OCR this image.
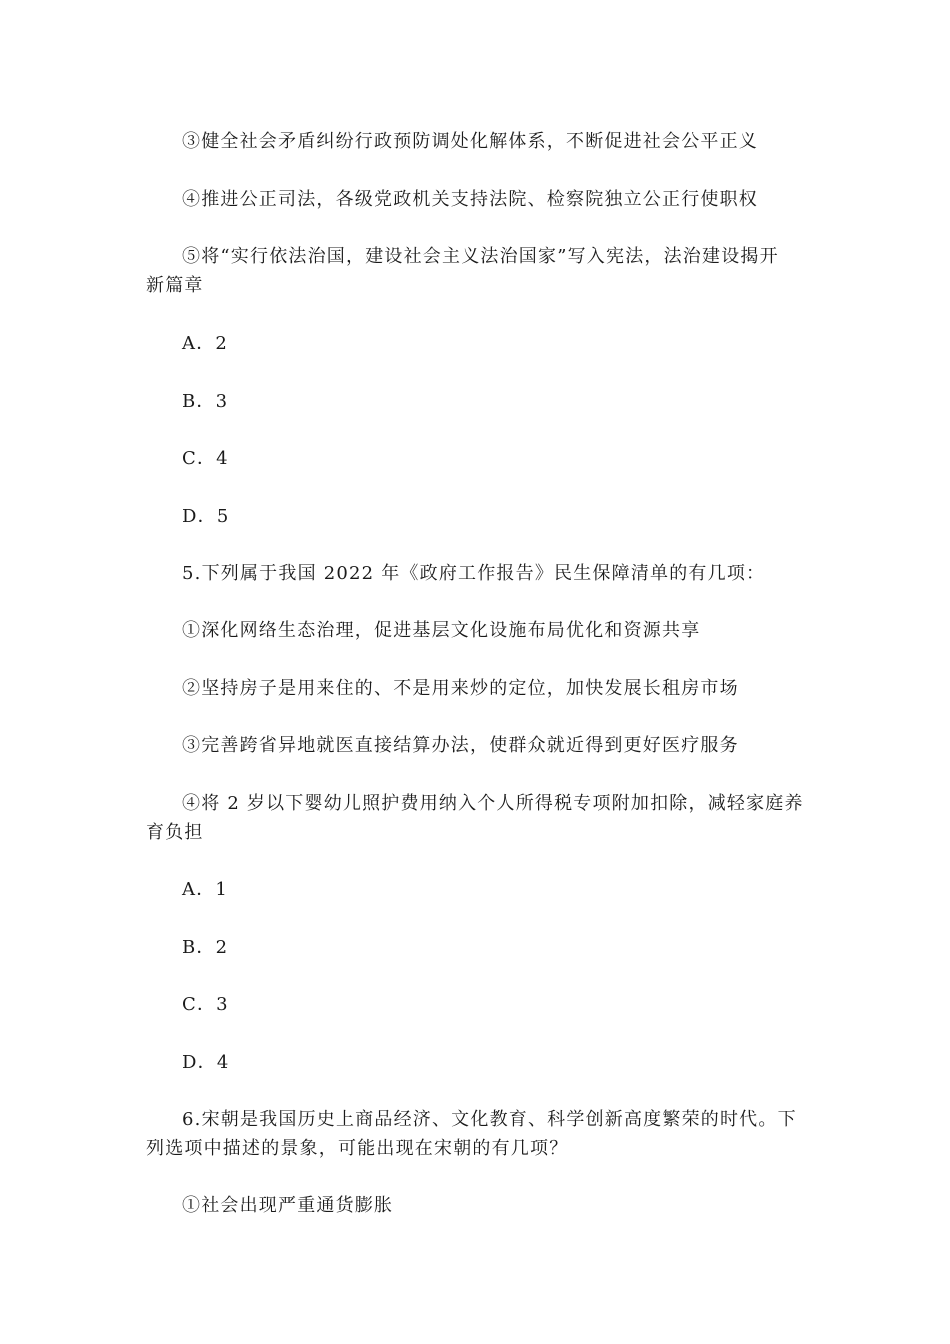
③健全社会矛盾纠纷行政预防调处化解体系，不断促进社会公平正义
④推进公正司法，各级党政机关支持法院、检察院独立公正行使职权
⑤将“实行依法治国，建设社会主义法治国家”写入宪法，法治建设揭开
新篇章
A．2
B．3
C．4
D．5
5.下列属于我国 2022 年《政府工作报告》民生保障清单的有几项：
①深化网络生态治理，促进基层文化设施布局优化和资源共享
②坚持房子是用来住的、不是用来炒的定位，加快发展长租房市场
③完善跨省异地就医直接结算办法，使群众就近得到更好医疗服务
④将 2 岁以下婴幼儿照护费用纳入个人所得税专项附加扣除，减轻家庭养
育负担
A．1
B．2
C．3
D．4
6.宋朝是我国历史上商品经济、文化教育、科学创新高度繁荣的时代。下
列选项中描述的景象，可能出现在宋朝的有几项？
①社会出现严重通货膨胀
